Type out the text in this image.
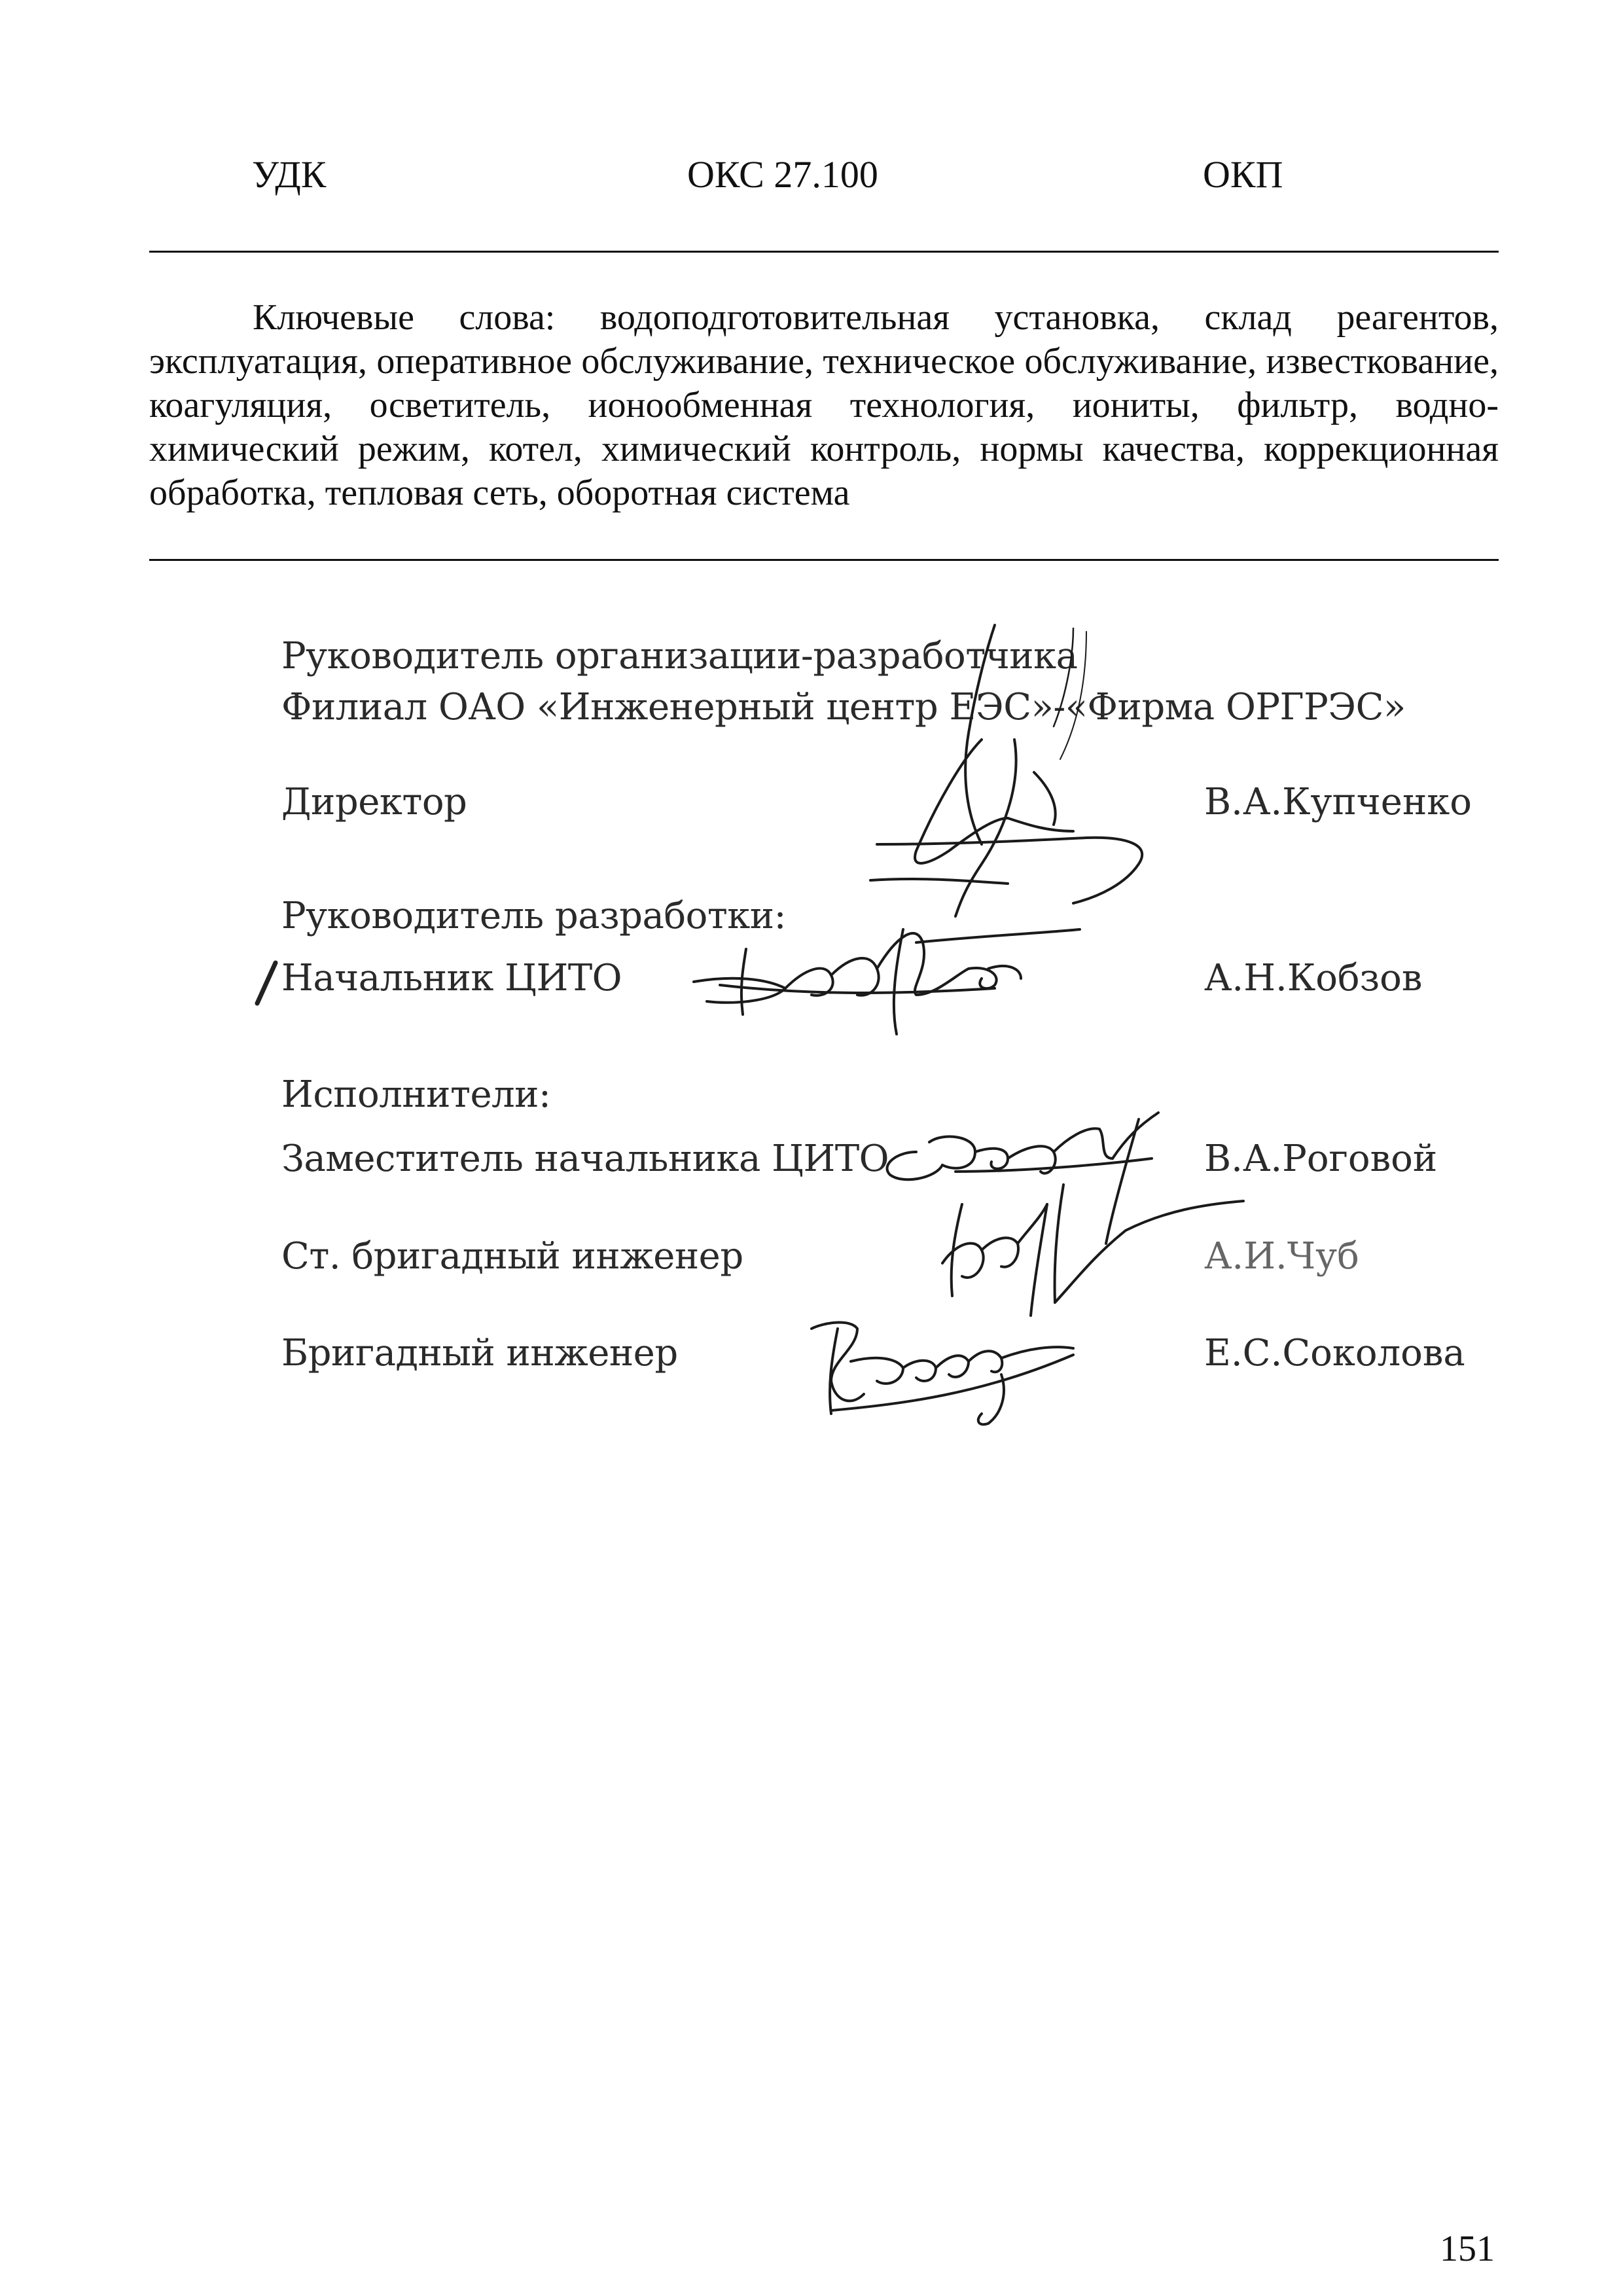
УДК	ОКС 27.100	ОКП

Ключевые слова: водоподготовительная установка, склад реагентов, эксплуатация, оперативное обслуживание, техническое обслуживание, известкование, коагуляция, осветитель, ионообменная технология, иониты, фильтр, водно-химический режим, котел, химический контроль, нормы качества, коррекционная обработка, тепловая сеть, оборотная система

Руководитель организации-разработчика
Филиал ОАО «Инженерный центр ЕЭС»-«Фирма ОРГРЭС»
Директор	В.А.Купченко
Руководитель разработки:
Начальник ЦИТО	А.Н.Кобзов
Исполнители:
Заместитель начальника ЦИТО	В.А.Роговой
Ст. бригадный инженер	А.И.Чуб
Бригадный инженер	Е.С.Соколова
151
